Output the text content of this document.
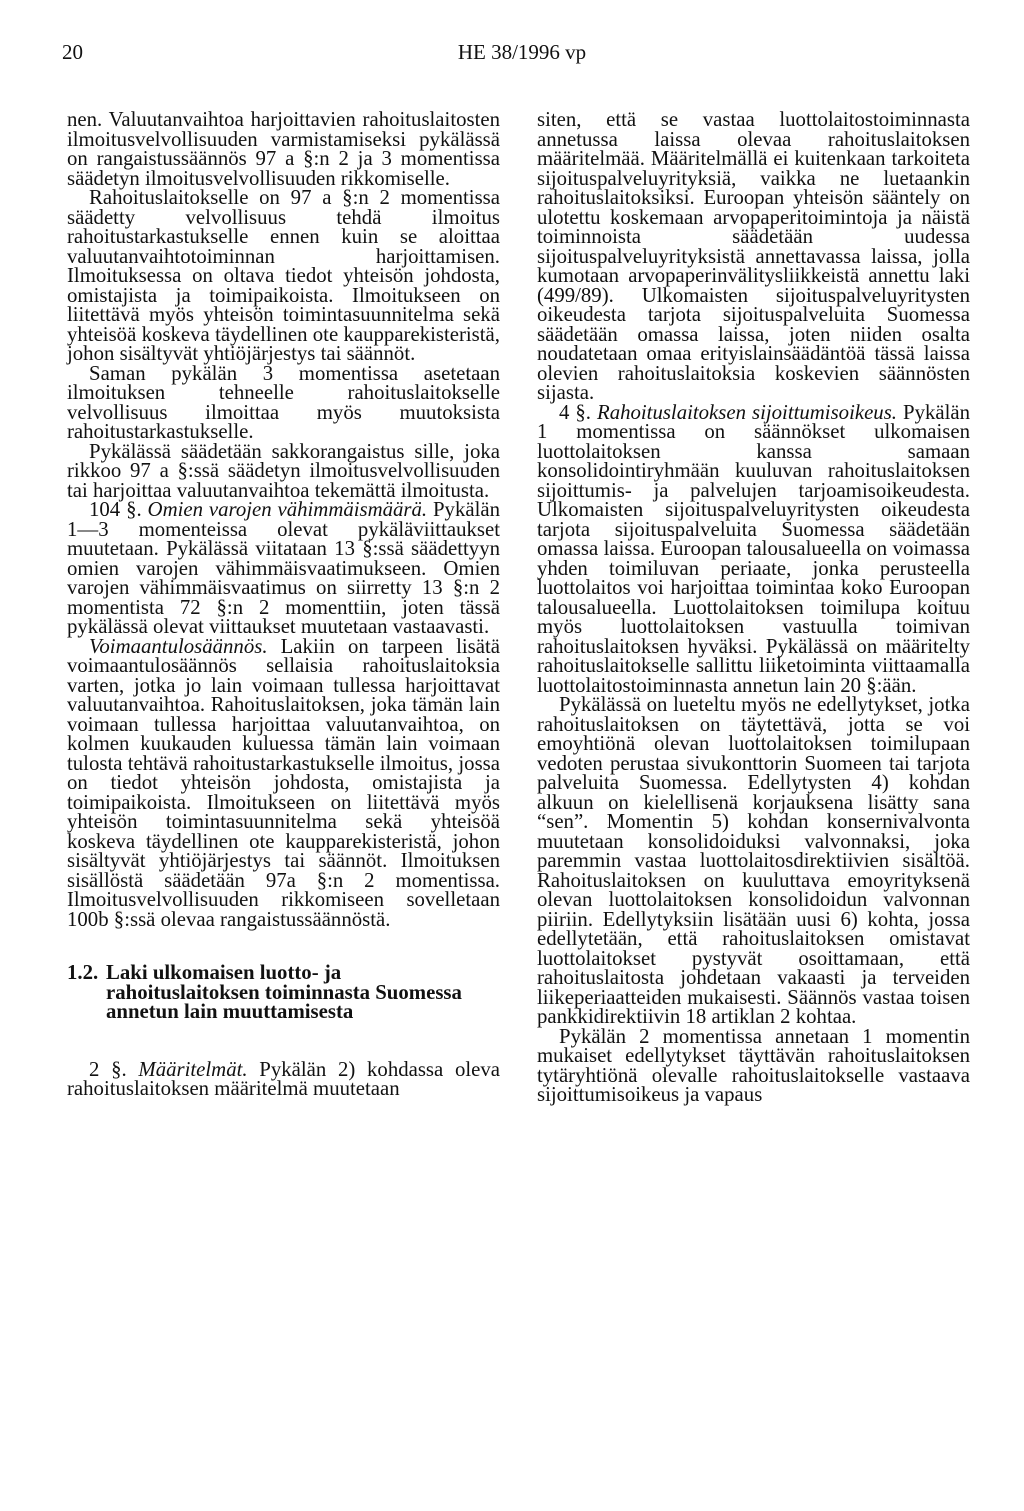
20	HE 38/1996 vp

nen. Valuutanvaihtoa harjoittavien rahoituslaitosten ilmoitusvelvollisuuden varmistamiseksi pykälässä on rangaistussäännös 97 a §:n 2 ja 3 momentissa säädetyn ilmoitusvelvollisuuden rikkomiselle.

Rahoituslaitokselle on 97 a §:n 2 momentissa säädetty velvollisuus tehdä ilmoitus rahoitustarkastukselle ennen kuin se aloittaa valuutanvaihtotoiminnan harjoittamisen. Ilmoituksessa on oltava tiedot yhteisön johdosta, omistajista ja toimipaikoista. Ilmoitukseen on liitettävä myös yhteisön toimintasuunnitelma sekä yhteisöä koskeva täydellinen ote kaupparekisteristä, johon sisältyvät yhtiöjärjestys tai säännöt.

Saman pykälän 3 momentissa asetetaan ilmoituksen tehneelle rahoituslaitokselle velvollisuus ilmoittaa myös muutoksista rahoitustarkastukselle.

Pykälässä säädetään sakkorangaistus sille, joka rikkoo 97 a §:ssä säädetyn ilmoitusvelvollisuuden tai harjoittaa valuutanvaihtoa tekemättä ilmoitusta.

104 §. Omien varojen vähimmäismäärä. Pykälän 1—3 momenteissa olevat pykäläviittaukset muutetaan. Pykälässä viitataan 13 §:ssä säädettyyn omien varojen vähimmäisvaatimukseen. Omien varojen vähimmäisvaatimus on siirretty 13 §:n 2 momentista 72 §:n 2 momenttiin, joten tässä pykälässä olevat viittaukset muutetaan vastaavasti.

Voimaantulosäännös. Lakiin on tarpeen lisätä voimaantulosäännös sellaisia rahoituslaitoksia varten, jotka jo lain voimaan tullessa harjoittavat valuutanvaihtoa. Rahoituslaitoksen, joka tämän lain voimaan tullessa harjoittaa valuutanvaihtoa, on kolmen kuukauden kuluessa tämän lain voimaan tulosta tehtävä rahoitustarkastukselle ilmoitus, jossa on tiedot yhteisön johdosta, omistajista ja toimipaikoista. Ilmoitukseen on liitettävä myös yhteisön toimintasuunnitelma sekä yhteisöä koskeva täydellinen ote kaupparekisteristä, johon sisältyvät yhtiöjärjestys tai säännöt. Ilmoituksen sisällöstä säädetään 97a §:n 2 momentissa. Ilmoitusvelvollisuuden rikkomiseen sovelletaan 100b §:ssä olevaa rangaistussäännöstä.

1.2. Laki ulkomaisen luotto- ja rahoituslaitoksen toiminnasta Suomessa annetun lain muuttamisesta

2 §. Määritelmät. Pykälän 2) kohdassa oleva rahoituslaitoksen määritelmä muutetaan

siten, että se vastaa luottolaitostoiminnasta annetussa laissa olevaa rahoituslaitoksen määritelmää. Määritelmällä ei kuitenkaan tarkoiteta sijoituspalveluyrityksiä, vaikka ne luetaankin rahoituslaitoksiksi. Euroopan yhteisön sääntely on ulotettu koskemaan arvopaperitoimintoja ja näistä toiminnoista säädetään uudessa sijoituspalveluyrityksistä annettavassa laissa, jolla kumotaan arvopaperinvälitysliikkeistä annettu laki (499/89). Ulkomaisten sijoituspalveluyritysten oikeudesta tarjota sijoituspalveluita Suomessa säädetään omassa laissa, joten niiden osalta noudatetaan omaa erityislainsäädäntöä tässä laissa olevien rahoituslaitoksia koskevien säännösten sijasta.

4 §. Rahoituslaitoksen sijoittumisoikeus. Pykälän 1 momentissa on säännökset ulkomaisen luottolaitoksen kanssa samaan konsolidointiryhmään kuuluvan rahoituslaitoksen sijoittumis- ja palvelujen tarjoamisoikeudesta. Ulkomaisten sijoituspalveluyritysten oikeudesta tarjota sijoituspalveluita Suomessa säädetään omassa laissa. Euroopan talousalueella on voimassa yhden toimiluvan periaate, jonka perusteella luottolaitos voi harjoittaa toimintaa koko Euroopan talousalueella. Luottolaitoksen toimilupa koituu myös luottolaitoksen vastuulla toimivan rahoituslaitoksen hyväksi. Pykälässä on määritelty rahoituslaitokselle sallittu liiketoiminta viittaamalla luottolaitostoiminnasta annetun lain 20 §:ään.

Pykälässä on lueteltu myös ne edellytykset, jotka rahoituslaitoksen on täytettävä, jotta se voi emoyhtiönä olevan luottolaitoksen toimilupaan vedoten perustaa sivukonttorin Suomeen tai tarjota palveluita Suomessa. Edellytysten 4) kohdan alkuun on kielellisenä korjauksena lisätty sana “sen”. Momentin 5) kohdan konsernivalvonta muutetaan konsolidoiduksi valvonnaksi, joka paremmin vastaa luottolaitosdirektiivien sisältöä. Rahoituslaitoksen on kuuluttava emoyrityksenä olevan luottolaitoksen konsolidoidun valvonnan piiriin. Edellytyksiin lisätään uusi 6) kohta, jossa edellytetään, että rahoituslaitoksen omistavat luottolaitokset pystyvät osoittamaan, että rahoituslaitosta johdetaan vakaasti ja terveiden liikeperiaatteiden mukaisesti. Säännös vastaa toisen pankkidirektiivin 18 artiklan 2 kohtaa.

Pykälän 2 momentissa annetaan 1 momentin mukaiset edellytykset täyttävän rahoituslaitoksen tytäryhtiönä olevalle rahoituslaitokselle vastaava sijoittumisoikeus ja vapaus
